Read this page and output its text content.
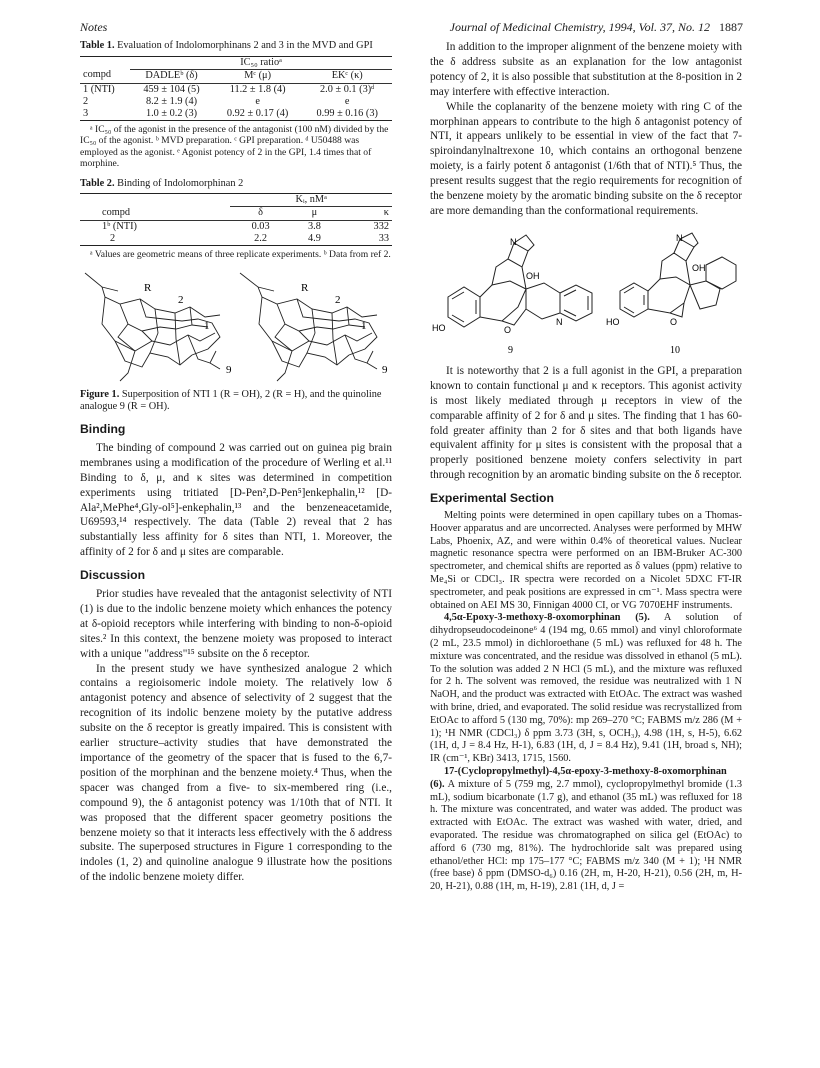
Notes	Journal of Medicinal Chemistry, 1994, Vol. 37, No. 12 1887
Table 1. Evaluation of Indolomorphinans 2 and 3 in the MVD and GPI
	IC₅₀ ratioᵃ		
compd	DADLEᵇ (δ)	Mᶜ (μ)	EKᶜ (κ)
1 (NTI)	459 ± 104 (5)	11.2 ± 1.8 (4)	2.0 ± 0.1 (3)ᵈ
2	8.2 ± 1.9 (4)	e	e
3	1.0 ± 0.2 (3)	0.92 ± 0.17 (4)	0.99 ± 0.16 (3)

ᵃ IC₅₀ of the agonist in the presence of the antagonist (100 nM) divided by the IC₅₀ of the agonist. ᵇ MVD preparation. ᶜ GPI preparation. ᵈ U50488 was employed as the agonist. ᵉ Agonist potency of 2 in the GPI, 1.4 times that of morphine.

Table 2. Binding of Indolomorphinan 2
	Kᵢ, nMᵃ		
compd	δ	μ	κ
1ᵇ (NTI)	0.03	3.8	332
2	2.2	4.9	33

ᵃ Values are geometric means of three replicate experiments. ᵇ Data from ref 2.

R
2
1
9
R
2
1
9
Figure 1. Superposition of NTI 1 (R = OH), 2 (R = H), and the quinoline analogue 9 (R = OH).
Binding

The binding of compound 2 was carried out on guinea pig brain membranes using a modification of the procedure of Werling et al.¹¹ Binding to δ, μ, and κ sites was determined in competition experiments using tritiated [D-Pen²,D-Pen⁵]enkephalin,¹² [D-Ala²,MePhe⁴,Gly-ol⁵]-enkephalin,¹³ and the benzeneacetamide, U69593,¹⁴ respectively. The data (Table 2) reveal that 2 has substantially less affinity for δ sites than NTI, 1. Moreover, the affinity of 2 for δ and μ sites are comparable.

Discussion

Prior studies have revealed that the antagonist selectivity of NTI (1) is due to the indolic benzene moiety which enhances the potency at δ-opioid receptors while interfering with binding to non-δ-opioid sites.² In this context, the benzene moiety was proposed to interact with a unique "address"¹⁵ subsite on the δ receptor.

In the present study we have synthesized analogue 2 which contains a regioisomeric indole moiety. The relatively low δ antagonist potency and absence of selectivity of 2 suggest that the recognition of its indolic benzene moiety by the putative address subsite on the δ receptor is greatly impaired. This is consistent with earlier structure–activity studies that have demonstrated the importance of the geometry of the spacer that is fused to the 6,7-position of the morphinan and the benzene moiety.⁴ Thus, when the spacer was changed from a five- to six-membered ring (i.e., compound 9), the δ antagonist potency was 1/10th that of NTI. It was proposed that the different spacer geometry positions the benzene moiety so that it interacts less effectively with the δ address subsite. The superposed structures in Figure 1 corresponding to the indoles (1, 2) and quinoline analogue 9 illustrate how the positions of the indolic benzene moiety differ.

In addition to the improper alignment of the benzene moiety with the δ address subsite as an explanation for the low antagonist potency of 2, it is also possible that substitution at the 8-position in 2 may interfere with effective interaction.

While the coplanarity of the benzene moiety with ring C of the morphinan appears to contribute to the high δ antagonist potency of NTI, it appears unlikely to be essential in view of the fact that 7-spiroindanylnaltrexone 10, which contains an orthogonal benzene moiety, is a fairly potent δ antagonist (1/6th that of NTI).⁵ Thus, the present results suggest that the regio requirements for recognition of the benzene moiety by the aromatic binding subsite on the δ receptor are more demanding than the conformational requirements.

N
OH
HO	O
N
N
OH
HO	O
9	10

It is noteworthy that 2 is a full agonist in the GPI, a preparation known to contain functional μ and κ receptors. This agonist activity is most likely mediated through μ receptors in view of the comparable affinity of 2 for δ and μ sites. The finding that 1 has 60-fold greater affinity than 2 for δ sites and that both ligands have equivalent affinity for μ sites is consistent with the proposal that a properly positioned benzene moiety confers selectivity in part through recognition by an aromatic binding subsite on the δ receptor.

Experimental Section

Melting points were determined in open capillary tubes on a Thomas-Hoover apparatus and are uncorrected. Analyses were performed by MHW Labs, Phoenix, AZ, and were within 0.4% of theoretical values. Nuclear magnetic resonance spectra were performed on an IBM-Bruker AC-300 spectrometer, and chemical shifts are reported as δ values (ppm) relative to Me₄Si or CDCl₃. IR spectra were recorded on a Nicolet 5DXC FT-IR spectrometer, and peak positions are expressed in cm⁻¹. Mass spectra were obtained on AEI MS 30, Finnigan 4000 CI, or VG 7070EHF instruments.

4,5α-Epoxy-3-methoxy-8-oxomorphinan (5). A solution of dihydropseudocodeinone⁶ 4 (194 mg, 0.65 mmol) and vinyl chloroformate (2 mL, 23.5 mmol) in dichloroethane (5 mL) was refluxed for 48 h. The mixture was concentrated, and the residue was dissolved in ethanol (5 mL). To the solution was added 2 N HCl (5 mL), and the mixture was refluxed for 2 h. The solvent was removed, the residue was neutralized with 1 N NaOH, and the product was extracted with EtOAc. The extract was washed with brine, dried, and evaporated. The solid residue was recrystallized from EtOAc to afford 5 (130 mg, 70%): mp 269–270 °C; FABMS m/z 286 (M + 1); ¹H NMR (CDCl₃) δ ppm 3.73 (3H, s, OCH₃), 4.98 (1H, s, H-5), 6.62 (1H, d, J = 8.4 Hz, H-1), 6.83 (1H, d, J = 8.4 Hz), 9.41 (1H, broad s, NH); IR (cm⁻¹, KBr) 3413, 1715, 1560.

17-(Cyclopropylmethyl)-4,5α-epoxy-3-methoxy-8-oxomorphinan (6). A mixture of 5 (759 mg, 2.7 mmol), cyclopropylmethyl bromide (1.3 mL), sodium bicarbonate (1.7 g), and ethanol (35 mL) was refluxed for 18 h. The mixture was concentrated, and water was added. The product was extracted with EtOAc. The extract was washed with water, dried, and evaporated. The residue was chromatographed on silica gel (EtOAc) to afford 6 (730 mg, 81%). The hydrochloride salt was prepared using ethanol/ether HCl: mp 175–177 °C; FABMS m/z 340 (M + 1); ¹H NMR (free base) δ ppm (DMSO-d₆) 0.16 (2H, m, H-20, H-21), 0.56 (2H, m, H-20, H-21), 0.88 (1H, m, H-19), 2.81 (1H, d, J =
